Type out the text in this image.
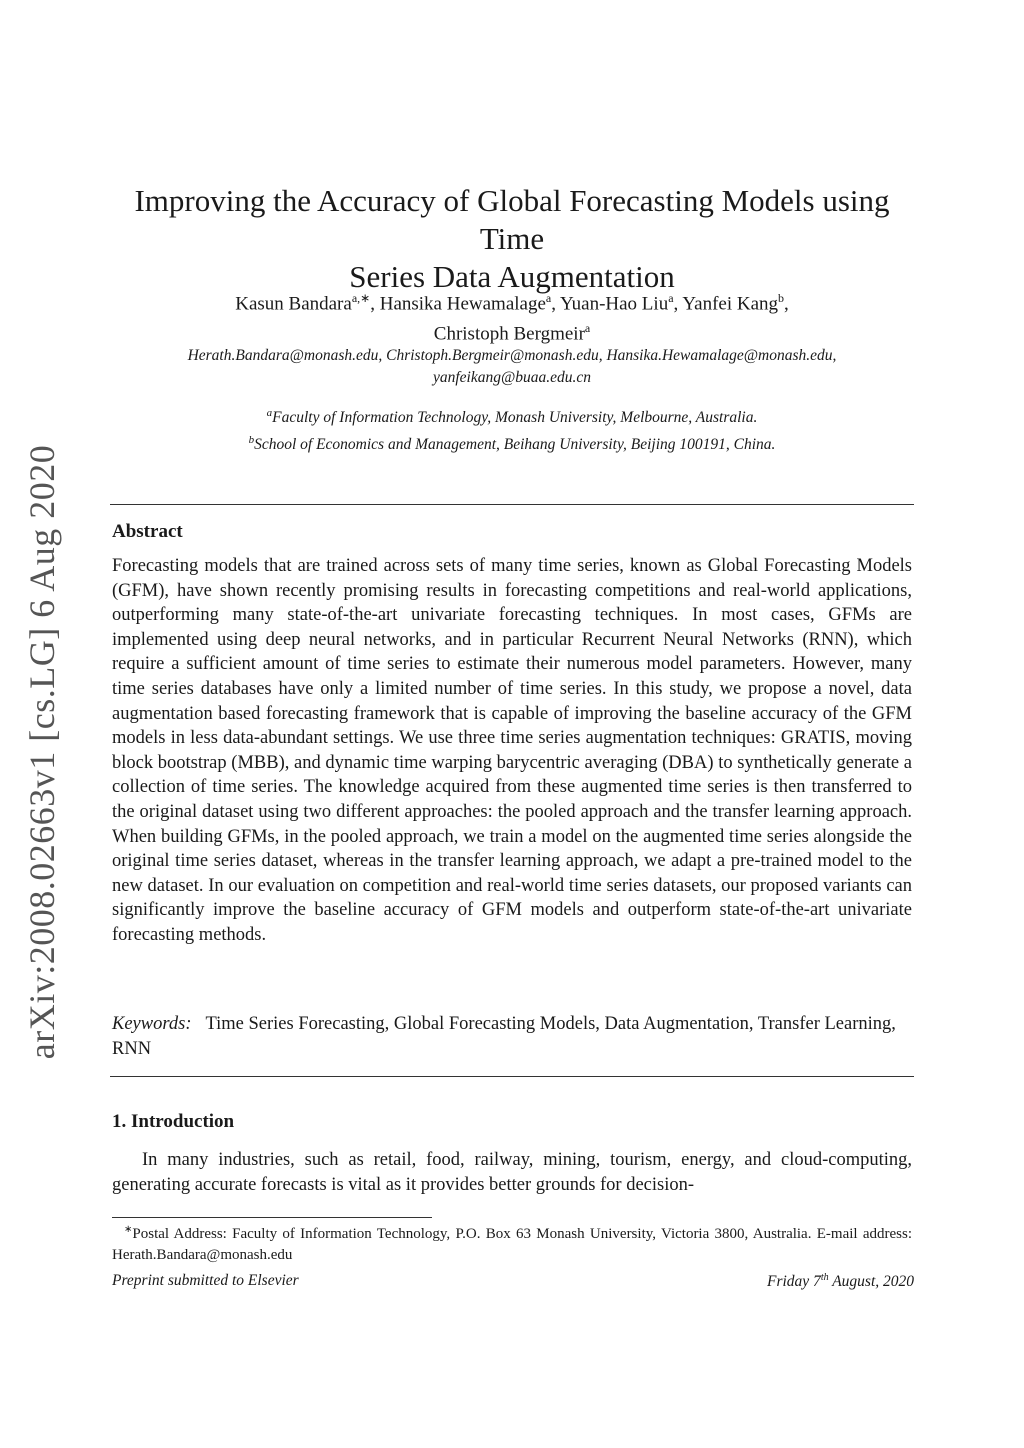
arXiv:2008.02663v1 [cs.LG] 6 Aug 2020
Improving the Accuracy of Global Forecasting Models using Time
Series Data Augmentation
Kasun Bandara$^{a,∗}$, Hansika Hewamalage$^a$, Yuan-Hao Liu$^a$, Yanfei Kang$^b$,
Christoph Bergmeir$^a$
Herath.Bandara@monash.edu, Christoph.Bergmeir@monash.edu, Hansika.Hewamalage@monash.edu,
yanfeikang@buaa.edu.cn
$^a$Faculty of Information Technology, Monash University, Melbourne, Australia.
$^b$School of Economics and Management, Beihang University, Beijing 100191, China.
Abstract
Forecasting models that are trained across sets of many time series, known as Global Forecasting Models (GFM), have shown recently promising results in forecasting competitions and real-world applications, outperforming many state-of-the-art univariate forecasting techniques. In most cases, GFMs are implemented using deep neural networks, and in particular Recurrent Neural Networks (RNN), which require a sufficient amount of time series to estimate their numerous model parameters. However, many time series databases have only a limited number of time series. In this study, we propose a novel, data augmentation based forecasting framework that is capable of improving the baseline accuracy of the GFM models in less data-abundant settings. We use three time series augmentation techniques: GRATIS, moving block bootstrap (MBB), and dynamic time warping barycentric averaging (DBA) to synthetically generate a collection of time series. The knowledge acquired from these augmented time series is then transferred to the original dataset using two different approaches: the pooled approach and the transfer learning approach. When building GFMs, in the pooled approach, we train a model on the augmented time series alongside the original time series dataset, whereas in the transfer learning approach, we adapt a pre-trained model to the new dataset. In our evaluation on competition and real-world time series datasets, our proposed variants can significantly improve the baseline accuracy of GFM models and outperform state-of-the-art univariate forecasting methods.
Keywords: Time Series Forecasting, Global Forecasting Models, Data Augmentation, Transfer Learning, RNN
1. Introduction
In many industries, such as retail, food, railway, mining, tourism, energy, and cloud-computing, generating accurate forecasts is vital as it provides better grounds for decision-
∗Postal Address: Faculty of Information Technology, P.O. Box 63 Monash University, Victoria 3800, Australia. E-mail address: Herath.Bandara@monash.edu
Preprint submitted to Elsevier	Friday 7th August, 2020
